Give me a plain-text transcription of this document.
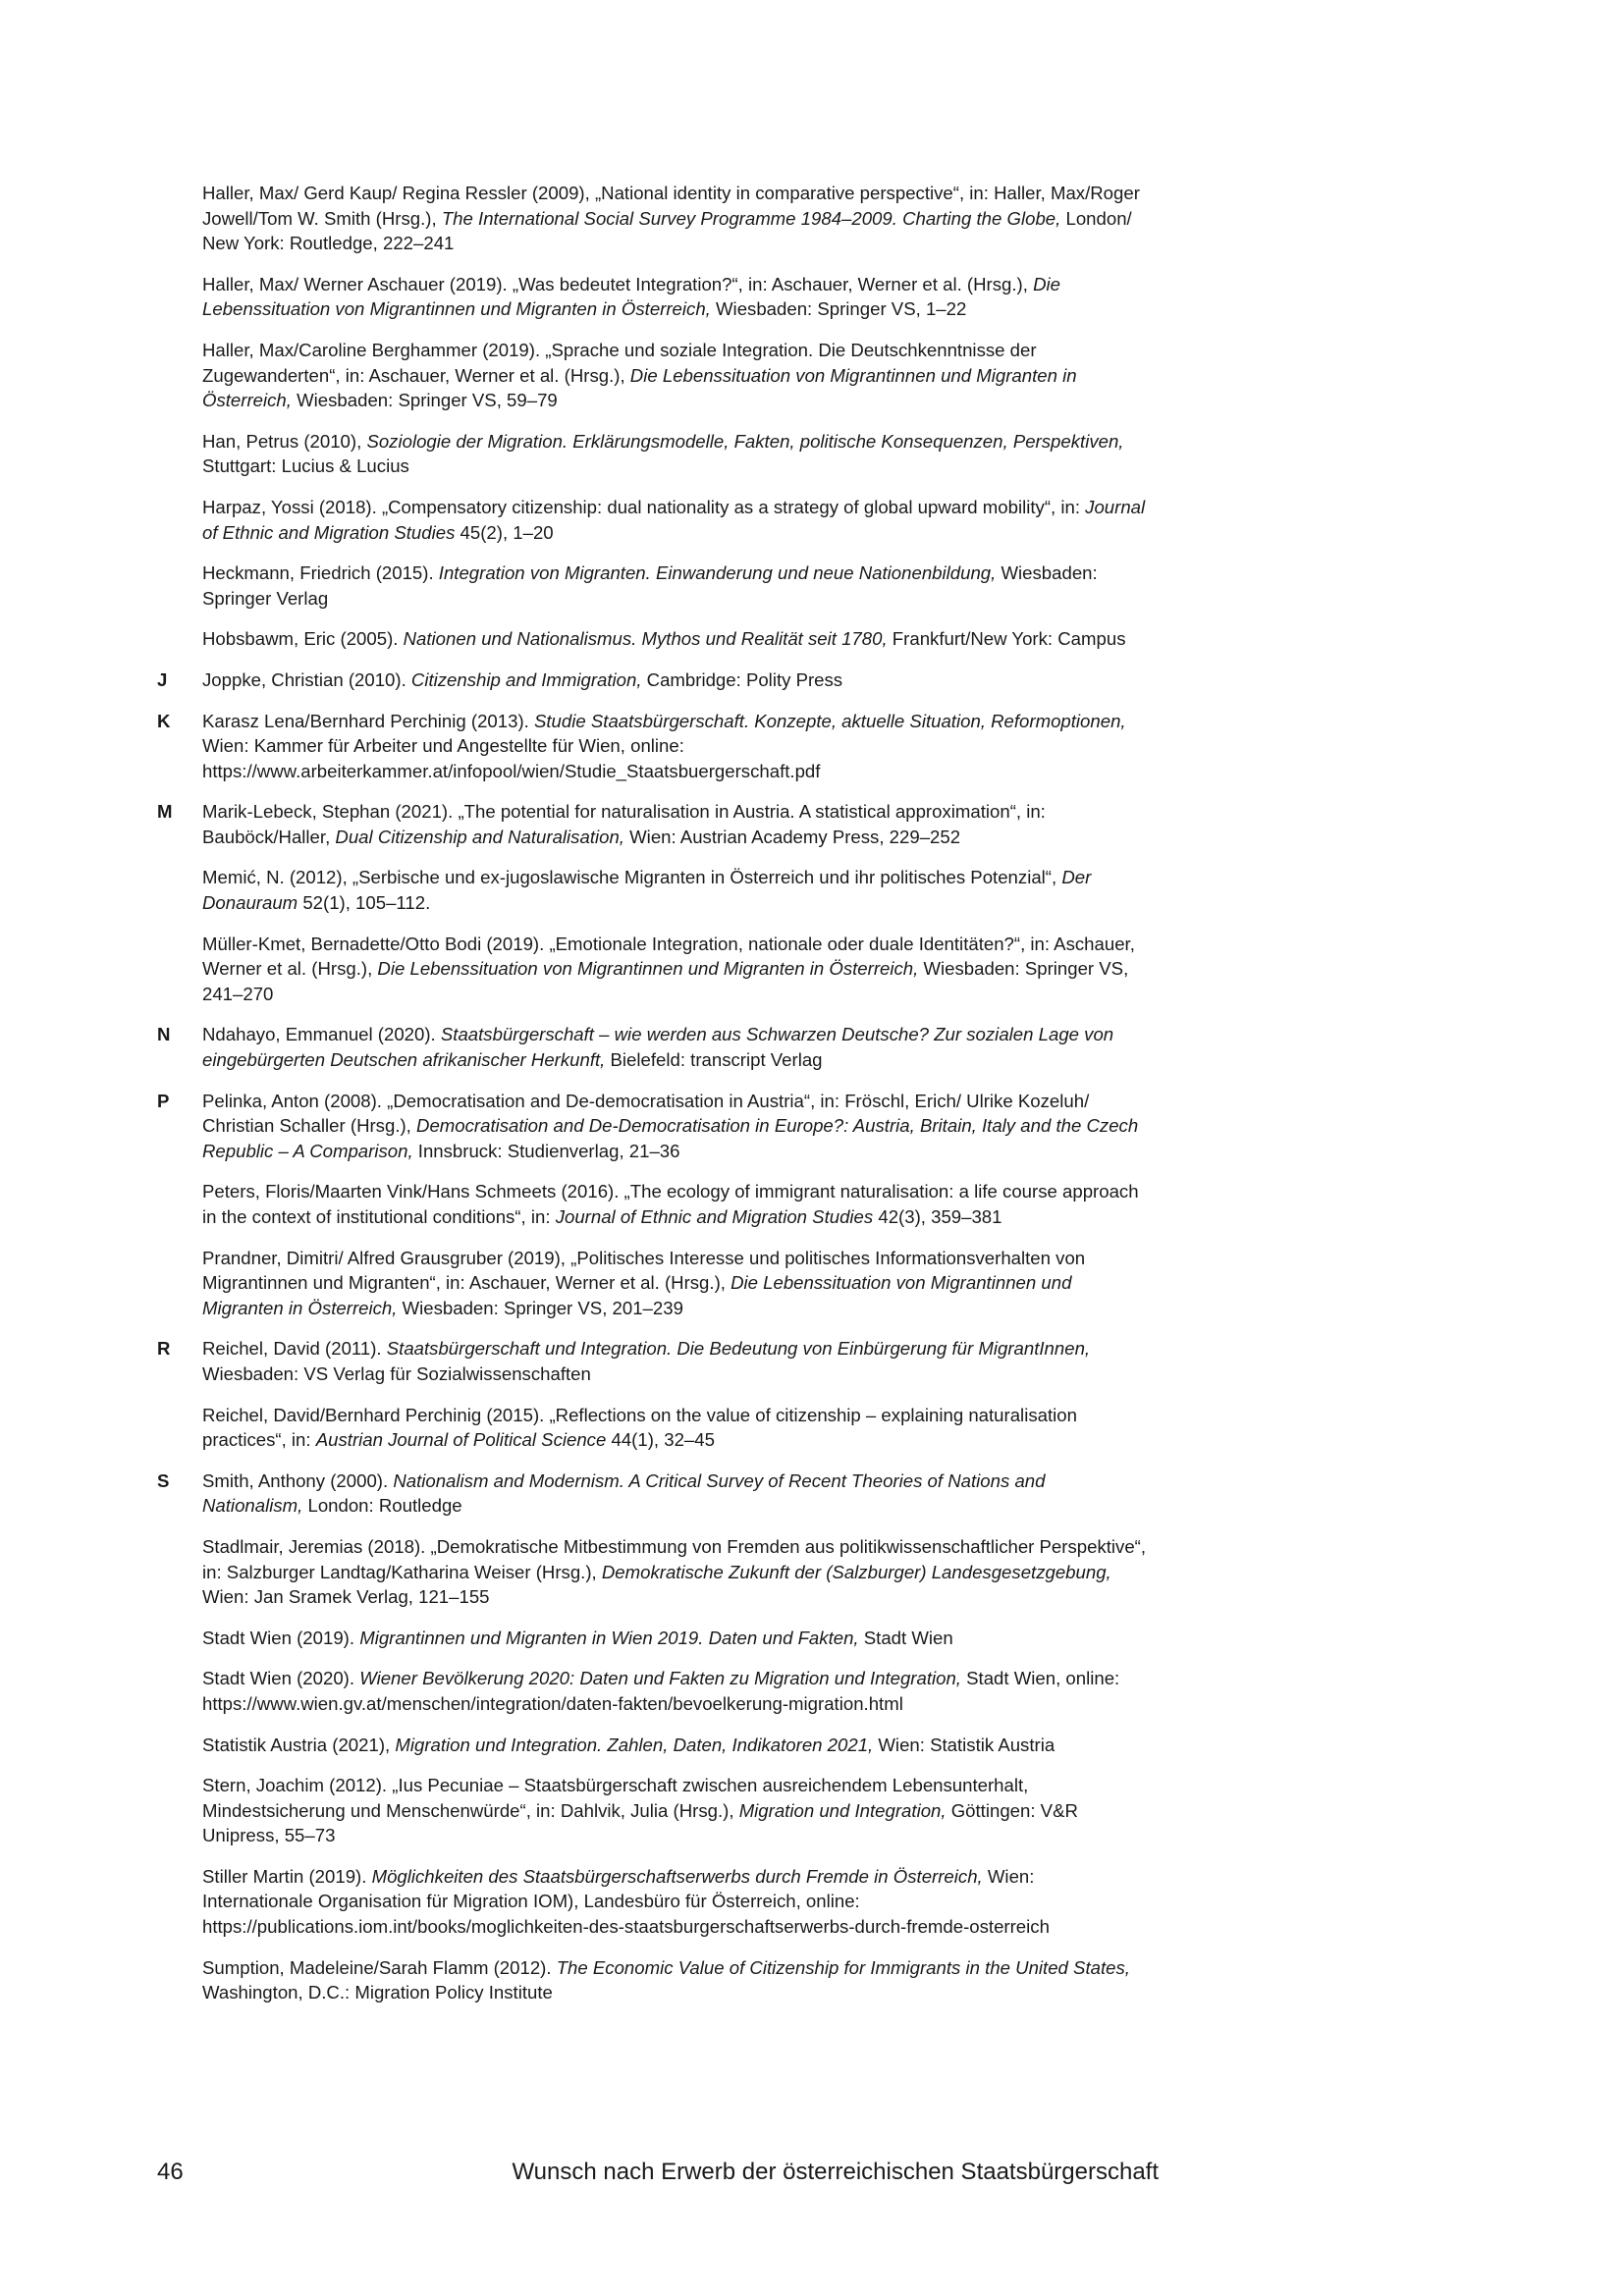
Haller, Max/ Gerd Kaup/ Regina Ressler (2009), „National identity in comparative perspective“, in: Haller, Max/Roger Jowell/Tom W. Smith (Hrsg.), The International Social Survey Programme 1984–2009. Charting the Globe, London/ New York: Routledge, 222–241
Haller, Max/ Werner Aschauer (2019). „Was bedeutet Integration?“, in: Aschauer, Werner et al. (Hrsg.), Die Lebenssituation von Migrantinnen und Migranten in Österreich, Wiesbaden: Springer VS, 1–22
Haller, Max/Caroline Berghammer (2019). „Sprache und soziale Integration. Die Deutschkenntnisse der Zugewanderten“, in: Aschauer, Werner et al. (Hrsg.), Die Lebenssituation von Migrantinnen und Migranten in Österreich, Wiesbaden: Springer VS, 59–79
Han, Petrus (2010), Soziologie der Migration. Erklärungsmodelle, Fakten, politische Konsequenzen, Perspektiven, Stuttgart: Lucius & Lucius
Harpaz, Yossi (2018). „Compensatory citizenship: dual nationality as a strategy of global upward mobility“, in: Journal of Ethnic and Migration Studies 45(2), 1–20
Heckmann, Friedrich (2015). Integration von Migranten. Einwanderung und neue Nationenbildung, Wiesbaden: Springer Verlag
Hobsbawm, Eric (2005). Nationen und Nationalismus. Mythos und Realität seit 1780, Frankfurt/New York: Campus
J Joppke, Christian (2010). Citizenship and Immigration, Cambridge: Polity Press
K Karasz Lena/Bernhard Perchinig (2013). Studie Staatsbürgerschaft. Konzepte, aktuelle Situation, Reformoptionen, Wien: Kammer für Arbeiter und Angestellte für Wien, online: https://www.arbeiterkammer.at/infopool/wien/Studie_Staatsbuergerschaft.pdf
M Marik-Lebeck, Stephan (2021). „The potential for naturalisation in Austria. A statistical approximation“, in: Bauböck/Haller, Dual Citizenship and Naturalisation, Wien: Austrian Academy Press, 229–252
Memić, N. (2012), „Serbische und ex-jugoslawische Migranten in Österreich und ihr politisches Potenzial“, Der Donauraum 52(1), 105–112.
Müller-Kmet, Bernadette/Otto Bodi (2019). „Emotionale Integration, nationale oder duale Identitäten?“, in: Aschauer, Werner et al. (Hrsg.), Die Lebenssituation von Migrantinnen und Migranten in Österreich, Wiesbaden: Springer VS, 241–270
N Ndahayo, Emmanuel (2020). Staatsbürgerschaft – wie werden aus Schwarzen Deutsche? Zur sozialen Lage von eingebürgerten Deutschen afrikanischer Herkunft, Bielefeld: transcript Verlag
P Pelinka, Anton (2008). „Democratisation and De-democratisation in Austria“, in: Fröschl, Erich/ Ulrike Kozeluh/ Christian Schaller (Hrsg.), Democratisation and De-Democratisation in Europe?: Austria, Britain, Italy and the Czech Republic – A Comparison, Innsbruck: Studienverlag, 21–36
Peters, Floris/Maarten Vink/Hans Schmeets (2016). „The ecology of immigrant naturalisation: a life course approach in the context of institutional conditions“, in: Journal of Ethnic and Migration Studies 42(3), 359–381
Prandner, Dimitri/ Alfred Grausgruber (2019), „Politisches Interesse und politisches Informationsverhalten von Migrantinnen und Migranten“, in: Aschauer, Werner et al. (Hrsg.), Die Lebenssituation von Migrantinnen und Migranten in Österreich, Wiesbaden: Springer VS, 201–239
R Reichel, David (2011). Staatsbürgerschaft und Integration. Die Bedeutung von Einbürgerung für MigrantInnen, Wiesbaden: VS Verlag für Sozialwissenschaften
Reichel, David/Bernhard Perchinig (2015). „Reflections on the value of citizenship – explaining naturalisation practices“, in: Austrian Journal of Political Science 44(1), 32–45
S Smith, Anthony (2000). Nationalism and Modernism. A Critical Survey of Recent Theories of Nations and Nationalism, London: Routledge
Stadlmair, Jeremias (2018). „Demokratische Mitbestimmung von Fremden aus politikwissenschaftlicher Perspektive“, in: Salzburger Landtag/Katharina Weiser (Hrsg.), Demokratische Zukunft der (Salzburger) Landesgesetzgebung, Wien: Jan Sramek Verlag, 121–155
Stadt Wien (2019). Migrantinnen und Migranten in Wien 2019. Daten und Fakten, Stadt Wien
Stadt Wien (2020). Wiener Bevölkerung 2020: Daten und Fakten zu Migration und Integration, Stadt Wien, online: https://www.wien.gv.at/menschen/integration/daten-fakten/bevoelkerung-migration.html
Statistik Austria (2021), Migration und Integration. Zahlen, Daten, Indikatoren 2021, Wien: Statistik Austria
Stern, Joachim (2012). „Ius Pecuniae – Staatsbürgerschaft zwischen ausreichendem Lebensunterhalt, Mindestsicherung und Menschenwürde“, in: Dahlvik, Julia (Hrsg.), Migration und Integration, Göttingen: V&R Unipress, 55–73
Stiller Martin (2019). Möglichkeiten des Staatsbürgerschaftserwerbs durch Fremde in Österreich, Wien: Internationale Organisation für Migration IOM), Landesbüro für Österreich, online: https://publications.iom.int/books/moglichkeiten-des-staatsburgerschaftserwerbs-durch-fremde-osterreich
Sumption, Madeleine/Sarah Flamm (2012). The Economic Value of Citizenship for Immigrants in the United States, Washington, D.C.: Migration Policy Institute
46	Wunsch nach Erwerb der österreichischen Staatsbürgerschaft
